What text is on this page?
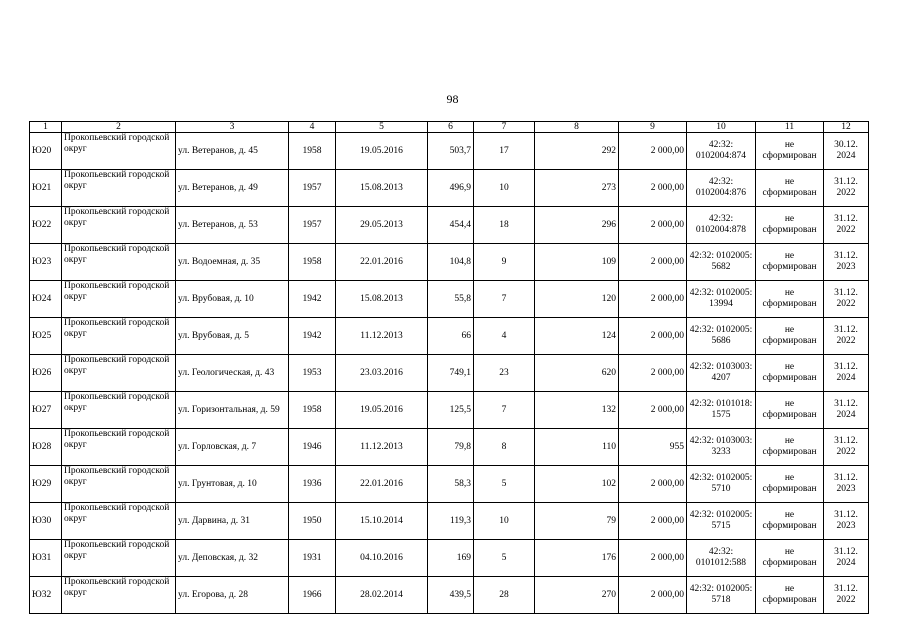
98
1	2	3	4	5	6	7	8	9	10	11	12
Ю20	Прокопьевский городской округ	ул. Ветеранов, д. 45	1958	19.05.2016	503,7	17	292	2 000,00	42:32: 0102004:874	не сформирован	30.12. 2024
Ю21	Прокопьевский городской округ	ул. Ветеранов, д. 49	1957	15.08.2013	496,9	10	273	2 000,00	42:32: 0102004:876	не сформирован	31.12. 2022
Ю22	Прокопьевский городской округ	ул. Ветеранов, д. 53	1957	29.05.2013	454,4	18	296	2 000,00	42:32: 0102004:878	не сформирован	31.12. 2022
Ю23	Прокопьевский городской округ	ул. Водоемная, д. 35	1958	22.01.2016	104,8	9	109	2 000,00	42:32: 0102005: 5682	не сформирован	31.12. 2023
Ю24	Прокопьевский городской округ	ул. Врубовая, д. 10	1942	15.08.2013	55,8	7	120	2 000,00	42:32: 0102005: 13994	не сформирован	31.12. 2022
Ю25	Прокопьевский городской округ	ул. Врубовая, д. 5	1942	11.12.2013	66	4	124	2 000,00	42:32: 0102005: 5686	не сформирован	31.12. 2022
Ю26	Прокопьевский городской округ	ул. Геологическая, д. 43	1953	23.03.2016	749,1	23	620	2 000,00	42:32: 0103003: 4207	не сформирован	31.12. 2024
Ю27	Прокопьевский городской округ	ул. Горизонтальная, д. 59	1958	19.05.2016	125,5	7	132	2 000,00	42:32: 0101018: 1575	не сформирован	31.12. 2024
Ю28	Прокопьевский городской округ	ул. Горловская, д. 7	1946	11.12.2013	79,8	8	110	955	42:32: 0103003: 3233	не сформирован	31.12. 2022
Ю29	Прокопьевский городской округ	ул. Грунтовая, д. 10	1936	22.01.2016	58,3	5	102	2 000,00	42:32: 0102005: 5710	не сформирован	31.12. 2023
Ю30	Прокопьевский городской округ	ул. Дарвина, д. 31	1950	15.10.2014	119,3	10	79	2 000,00	42:32: 0102005: 5715	не сформирован	31.12. 2023
Ю31	Прокопьевский городской округ	ул. Деповская, д. 32	1931	04.10.2016	169	5	176	2 000,00	42:32: 0101012:588	не сформирован	31.12. 2024
Ю32	Прокопьевский городской округ	ул. Егорова, д. 28	1966	28.02.2014	439,5	28	270	2 000,00	42:32: 0102005: 5718	не сформирован	31.12. 2022
